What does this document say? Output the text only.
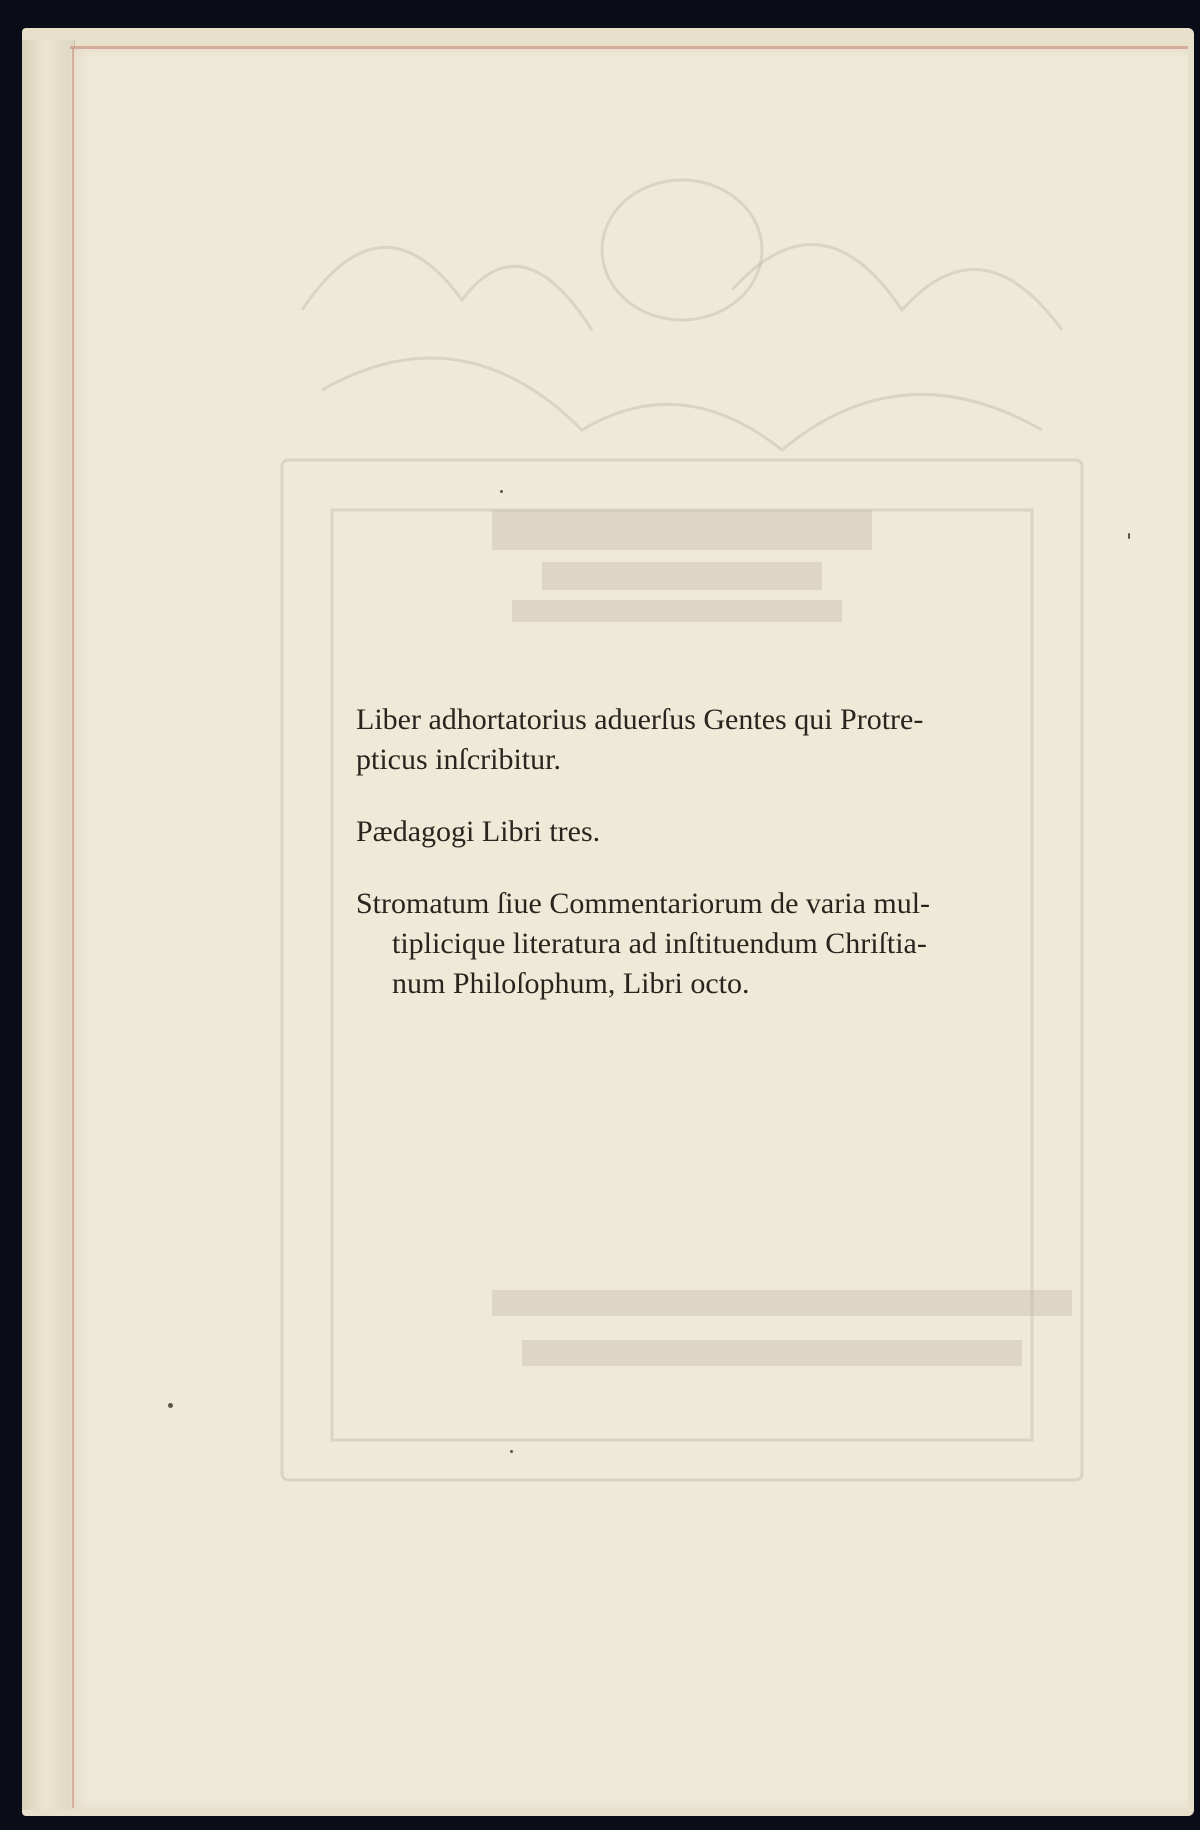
Liber adhortatorius aduerſus Gentes qui Protre-
pticus inſcribitur.
Pædagogi Libri tres.
Stromatum ſiue Commentariorum de varia mul-
tiplicique literatura ad inſtituendum Chriſtia-
num Philoſophum, Libri octo.
